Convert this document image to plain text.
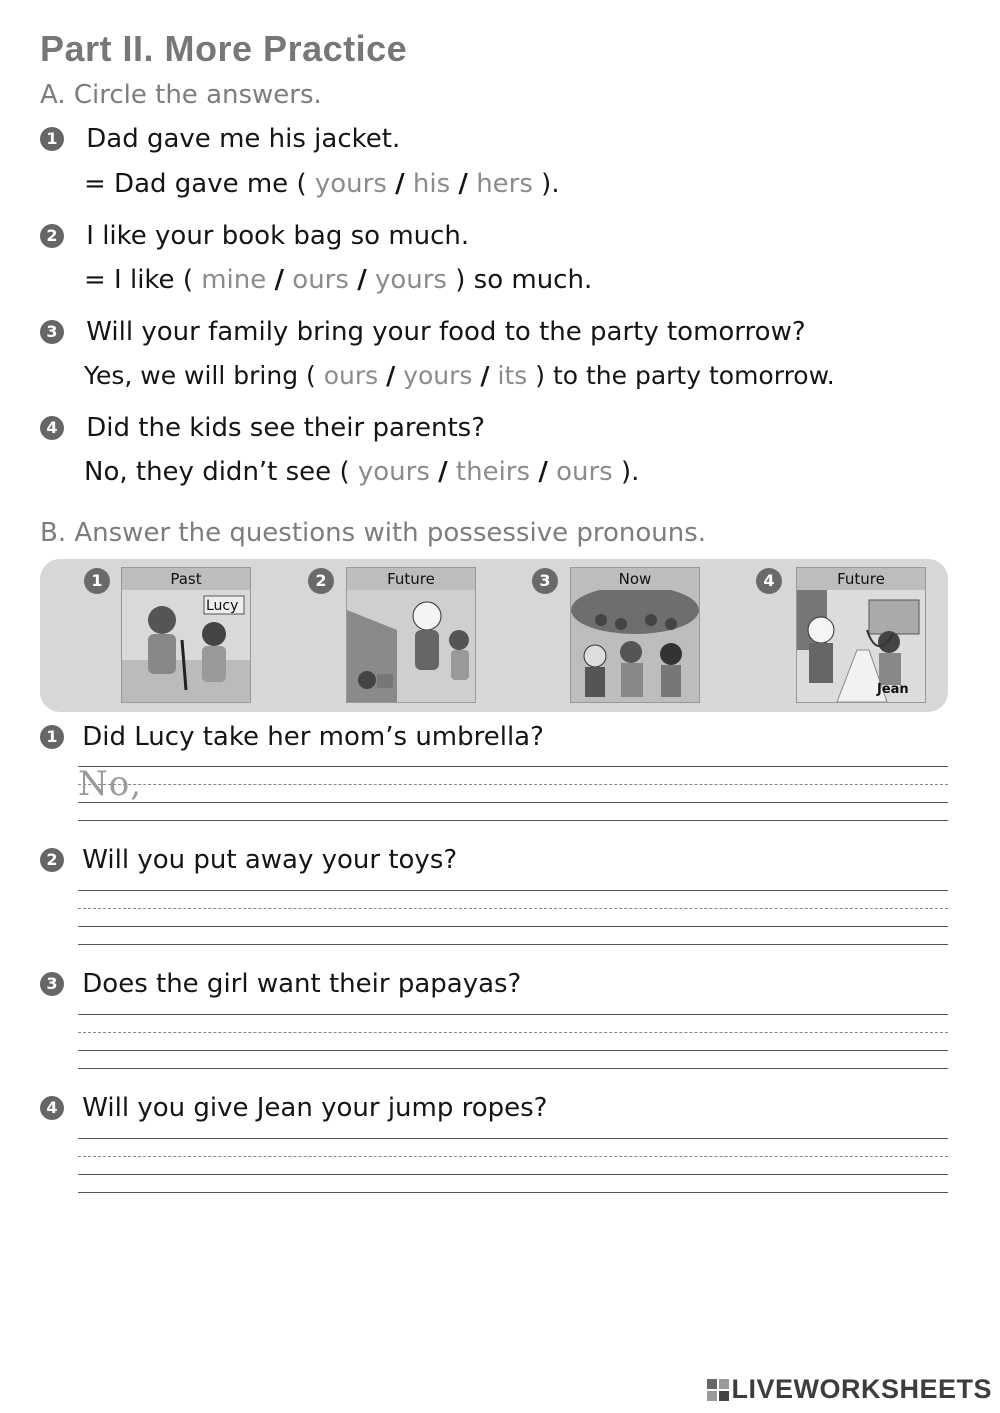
Part II. More Practice
A. Circle the answers.
1 Dad gave me his jacket.
= Dad gave me ( yours / his / hers ).
2 I like your book bag so much.
= I like ( mine / ours / yours ) so much.
3 Will your family bring your food to the party tomorrow?
Yes, we will bring ( ours / yours / its ) to the party tomorrow.
4 Did the kids see their parents?
No, they didn’t see ( yours / theirs / ours ).
B. Answer the questions with possessive pronouns.
1	Past
Lucy
2	Future	3	Now	4	Future
Jean
1 Did Lucy take her mom’s umbrella?
No,
2 Will you put away your toys?
3 Does the girl want their papayas?
4 Will you give Jean your jump ropes?
LIVEWORKSHEETS
